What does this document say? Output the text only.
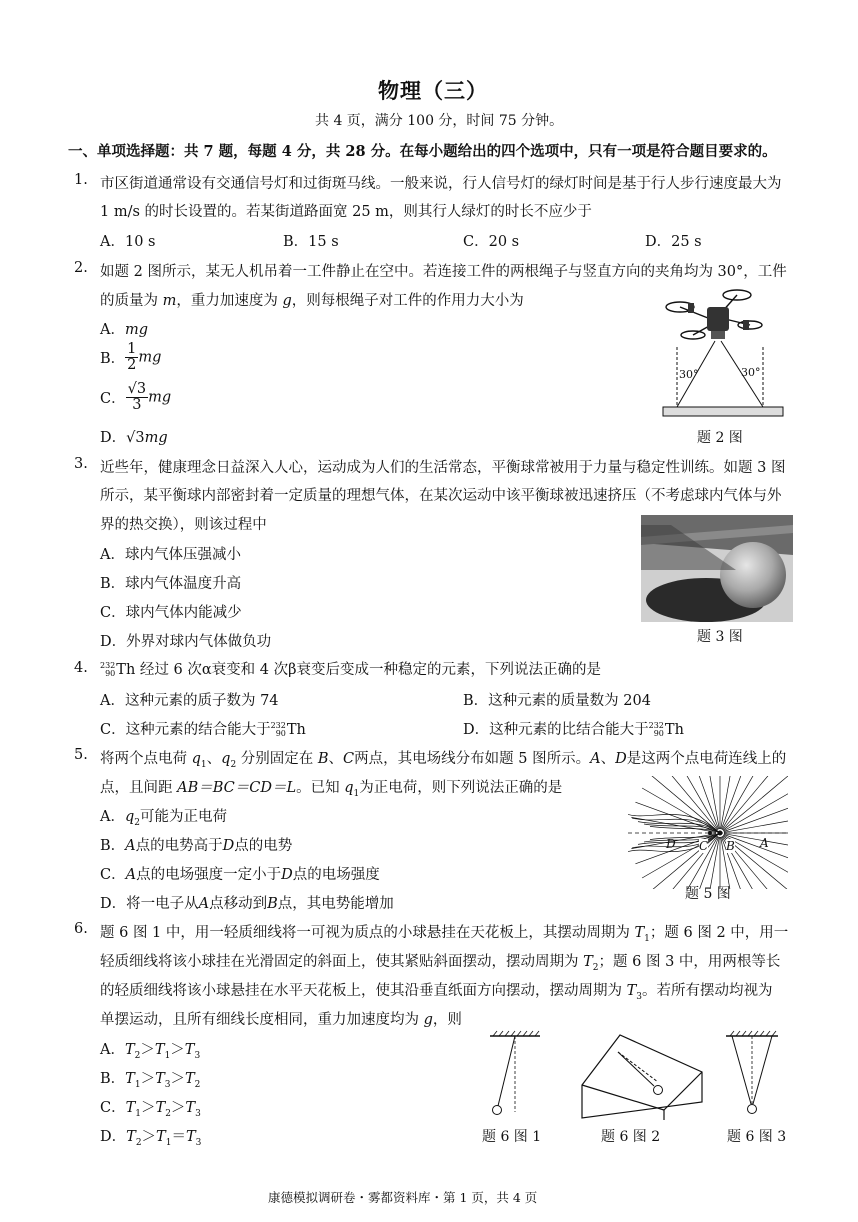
物理（三）
共 4 页，满分 100 分，时间 75 分钟。
一、单项选择题：共 7 题，每题 4 分，共 28 分。在每小题给出的四个选项中，只有一项是符合题目要求的。
1. 市区街道通常设有交通信号灯和过街斑马线。一般来说，行人信号灯的绿灯时间是基于行人步行速度最大为
1 m/s 的时长设置的。若某街道路面宽 25 m，则其行人绿灯的时长不应少于
A．10 s	B．15 s	C．20 s	D．25 s
2. 如题 2 图所示，某无人机吊着一工件静止在空中。若连接工件的两根绳子与竖直方向的夹角均为 30°，工件
的质量为 m，重力加速度为 g，则每根绳子对工件的作用力大小为
A．mg
B． $\frac{1}{2}$ mg
C． $\frac{√3}{3}$ mg
D．√3mg
30°	30°
题 2 图
3. 近些年，健康理念日益深入人心，运动成为人们的生活常态，平衡球常被用于力量与稳定性训练。如题 3 图
所示，某平衡球内部密封着一定质量的理想气体，在某次运动中该平衡球被迅速挤压（不考虑球内气体与外
界的热交换），则该过程中
A．球内气体压强减小
B．球内气体温度升高
C．球内气体内能减少
D．外界对球内气体做负功	题 3 图
4. 232
90 Th 经过 6 次α衰变和 4 次β衰变后变成一种稳定的元素，下列说法正确的是
A．这种元素的质子数为 74	B．这种元素的质量数为 204
C．这种元素的结合能大于 232
90 Th	D．这种元素的比结合能大于 232
90 Th
5. 将两个点电荷 $q_1$、$q_2$ 分别固定在 B、C两点，其电场线分布如题 5 图所示。A、D是这两个点电荷连线上的
点，且间距 AB＝BC＝CD＝L。已知 $q_1$为正电荷，则下列说法正确的是
A．$q_2$可能为正电荷
B．A点的电势高于D点的电势
C．A点的电场强度一定小于D点的电场强度
D．将一电子从A点移动到B点，其电势能增加
D C B A
题 5 图
6. 题 6 图 1 中，用一轻质细线将一可视为质点的小球悬挂在天花板上，其摆动周期为 $T_1$；题 6 图 2 中，用一
轻质细线将该小球挂在光滑固定的斜面上，使其紧贴斜面摆动，摆动周期为 $T_2$；题 6 图 3 中，用两根等长
的轻质细线将该小球悬挂在水平天花板上，使其沿垂直纸面方向摆动，摆动周期为 $T_3$。若所有摆动均视为
单摆运动，且所有细线长度相同，重力加速度均为 g，则
A．$T_2>T_1>T_3$
B．$T_1>T_3>T_2$
C．$T_1>T_2>T_3$
D．$T_2>T_1=T_3$	题 6 图 1	题 6 图 2	题 6 图 3
康德模拟调研卷・雾都资料库・第 1 页，共 4 页
